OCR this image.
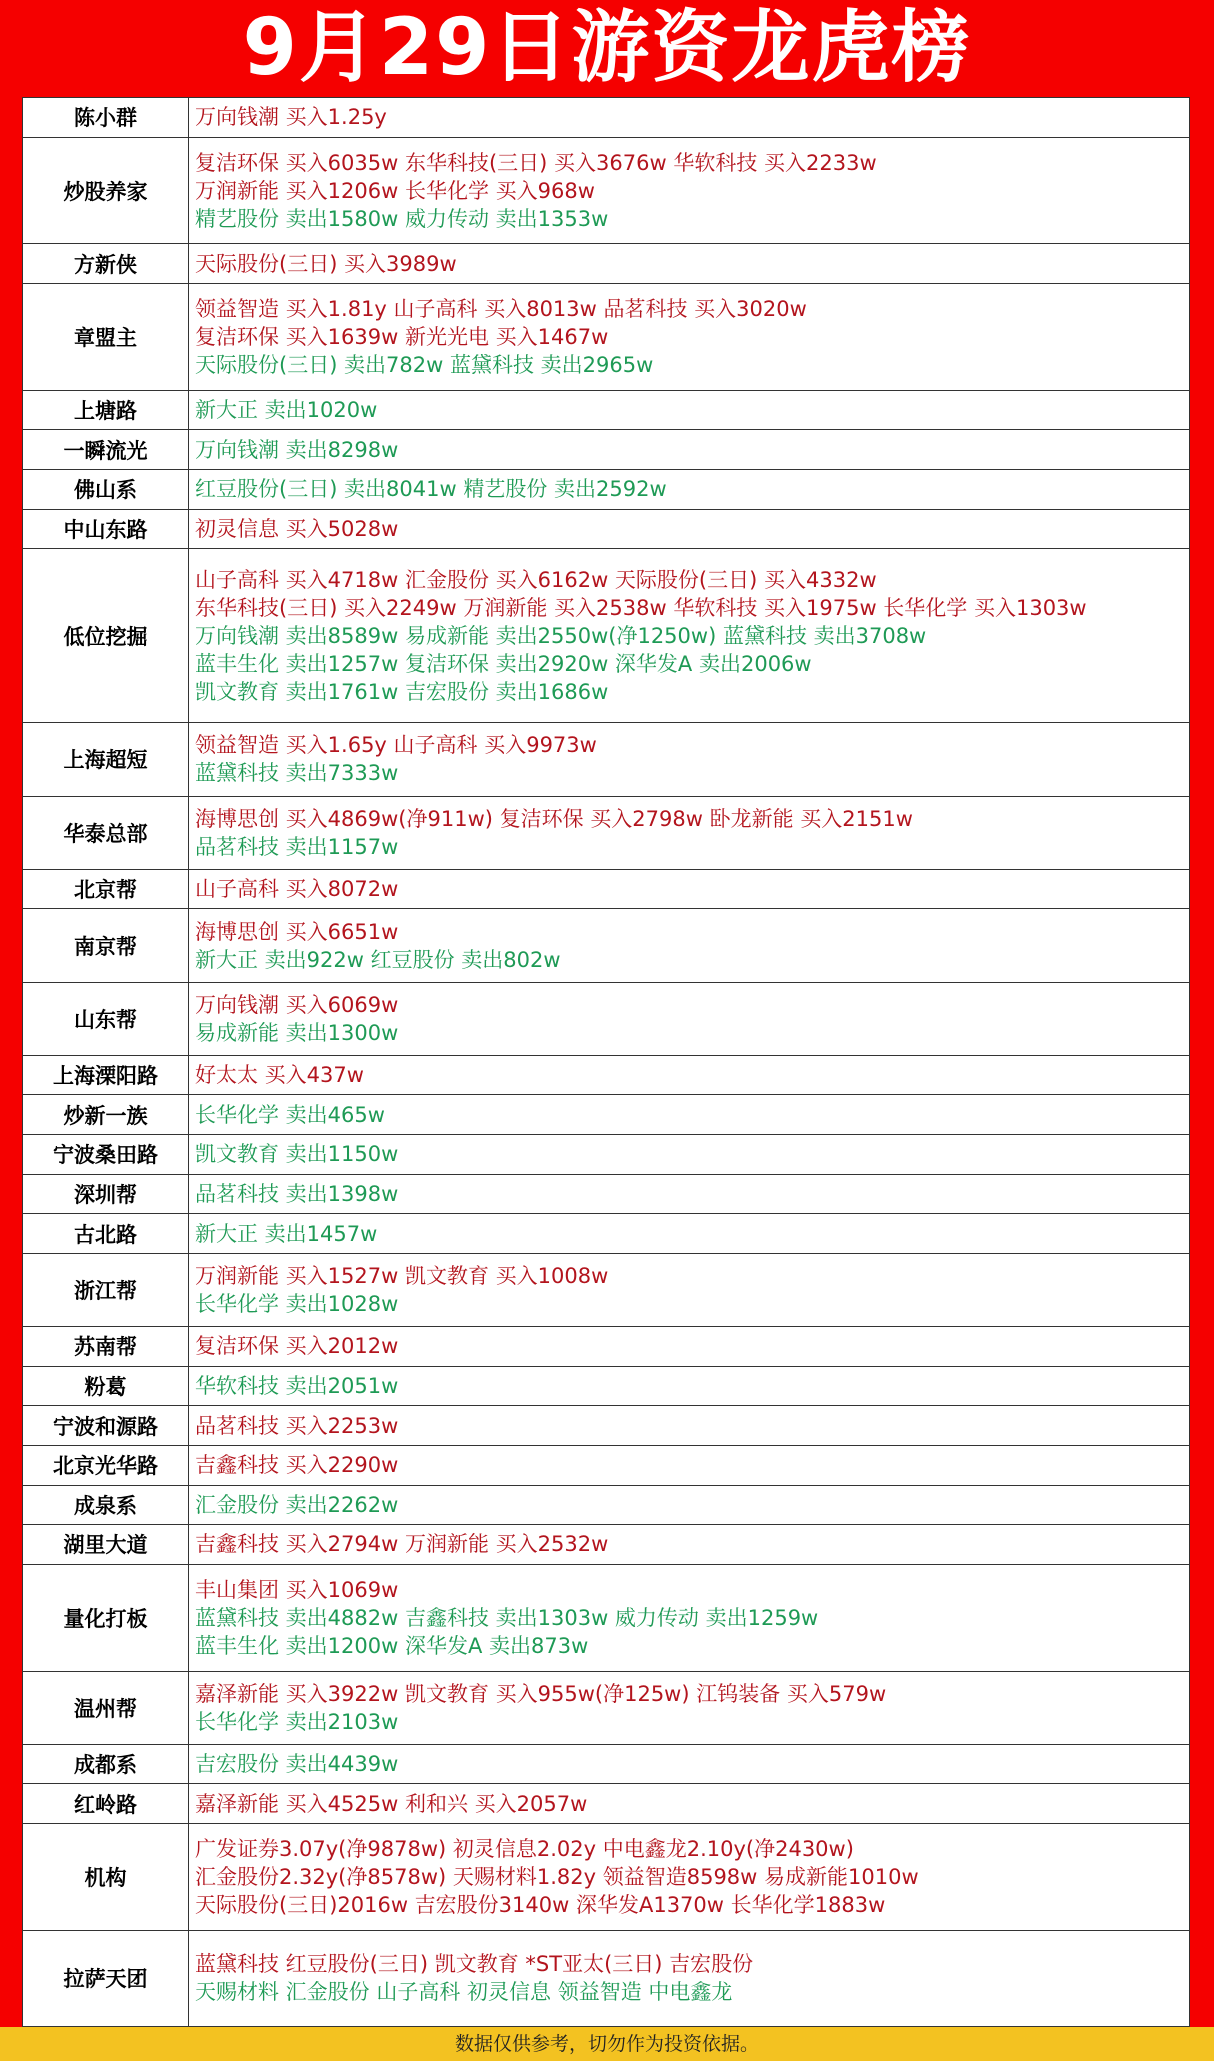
9月29日游资龙虎榜
陈小群	万向钱潮 买入1.25y

炒股养家	复洁环保 买入6035w 东华科技(三日) 买入3676w 华软科技 买入2233w
万润新能 买入1206w 长华化学 买入968w
精艺股份 卖出1580w 威力传动 卖出1353w

方新侠	天际股份(三日) 买入3989w

章盟主	领益智造 买入1.81y 山子高科 买入8013w 品茗科技 买入3020w
复洁环保 买入1639w 新光光电 买入1467w
天际股份(三日) 卖出782w 蓝黛科技 卖出2965w

上塘路	新大正 卖出1020w

一瞬流光	万向钱潮 卖出8298w

佛山系	红豆股份(三日) 卖出8041w 精艺股份 卖出2592w

中山东路	初灵信息 买入5028w

低位挖掘	山子高科 买入4718w 汇金股份 买入6162w 天际股份(三日) 买入4332w
东华科技(三日) 买入2249w 万润新能 买入2538w 华软科技 买入1975w 长华化学 买入1303w
万向钱潮 卖出8589w 易成新能 卖出2550w(净1250w) 蓝黛科技 卖出3708w
蓝丰生化 卖出1257w 复洁环保 卖出2920w 深华发A 卖出2006w
凯文教育 卖出1761w 吉宏股份 卖出1686w

上海超短	领益智造 买入1.65y 山子高科 买入9973w
蓝黛科技 卖出7333w

华泰总部	海博思创 买入4869w(净911w) 复洁环保 买入2798w 卧龙新能 买入2151w
品茗科技 卖出1157w

北京帮	山子高科 买入8072w

南京帮	海博思创 买入6651w
新大正 卖出922w 红豆股份 卖出802w

山东帮	万向钱潮 买入6069w
易成新能 卖出1300w

上海溧阳路	好太太 买入437w

炒新一族	长华化学 卖出465w

宁波桑田路	凯文教育 卖出1150w

深圳帮	品茗科技 卖出1398w

古北路	新大正 卖出1457w

浙江帮	万润新能 买入1527w 凯文教育 买入1008w
长华化学 卖出1028w

苏南帮	复洁环保 买入2012w

粉葛	华软科技 卖出2051w

宁波和源路	品茗科技 买入2253w

北京光华路	吉鑫科技 买入2290w

成泉系	汇金股份 卖出2262w

湖里大道	吉鑫科技 买入2794w 万润新能 买入2532w

量化打板	丰山集团 买入1069w
蓝黛科技 卖出4882w 吉鑫科技 卖出1303w 威力传动 卖出1259w
蓝丰生化 卖出1200w 深华发A 卖出873w

温州帮	嘉泽新能 买入3922w 凯文教育 买入955w(净125w) 江钨装备 买入579w
长华化学 卖出2103w

成都系	吉宏股份 卖出4439w

红岭路	嘉泽新能 买入4525w 利和兴 买入2057w

机构	广发证券3.07y(净9878w) 初灵信息2.02y 中电鑫龙2.10y(净2430w)
汇金股份2.32y(净8578w) 天赐材料1.82y 领益智造8598w 易成新能1010w
天际股份(三日)2016w 吉宏股份3140w 深华发A1370w 长华化学1883w

拉萨天团	蓝黛科技 红豆股份(三日) 凯文教育 *ST亚太(三日) 吉宏股份
天赐材料 汇金股份 山子高科 初灵信息 领益智造 中电鑫龙
数据仅供参考，切勿作为投资依据。
